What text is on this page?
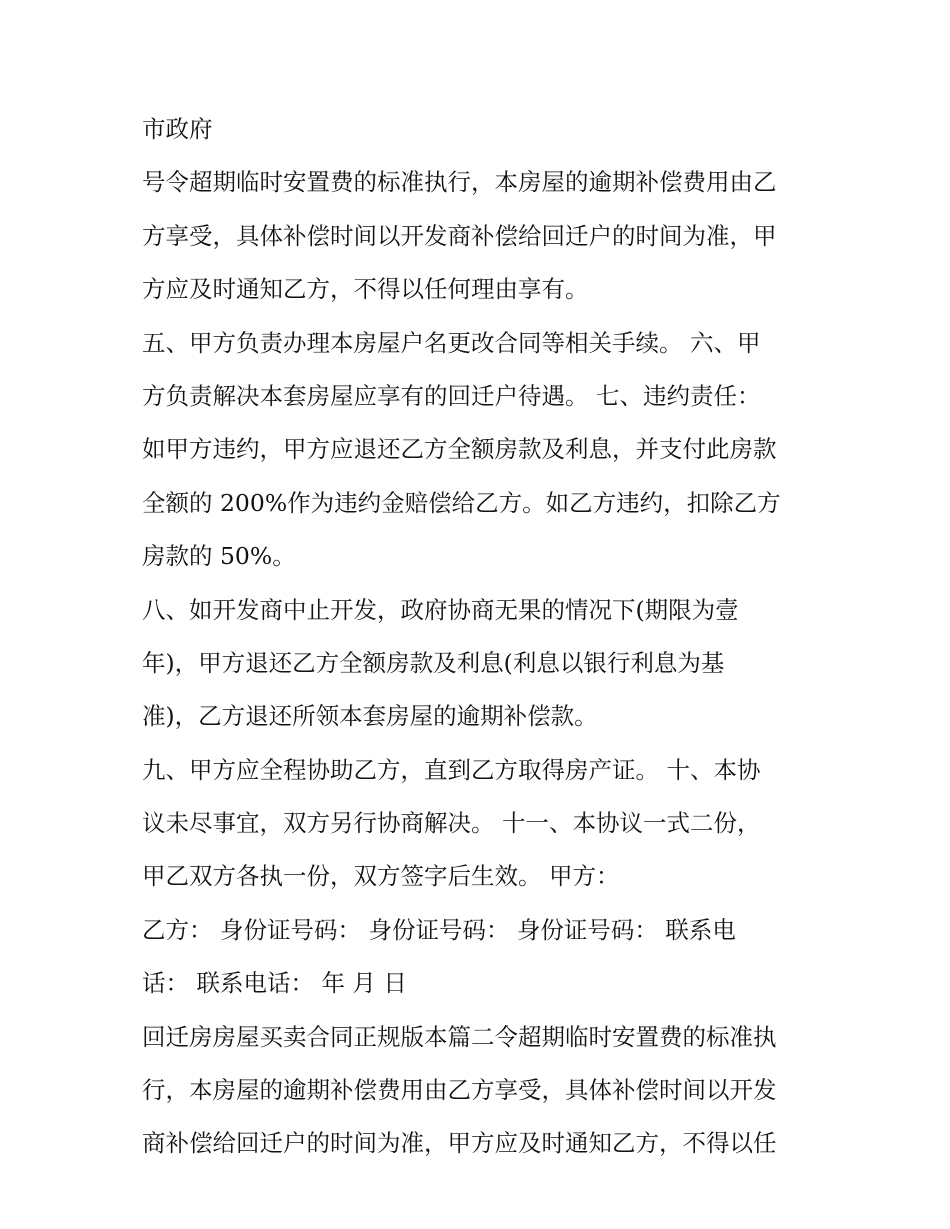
市政府
号令超期临时安置费的标准执行，本房屋的逾期补偿费用由乙
方享受，具体补偿时间以开发商补偿给回迁户的时间为准，甲
方应及时通知乙方，不得以任何理由享有。
五、甲方负责办理本房屋户名更改合同等相关手续。 六、甲
方负责解决本套房屋应享有的回迁户待遇。 七、违约责任：
如甲方违约，甲方应退还乙方全额房款及利息，并支付此房款
全额的 200%作为违约金赔偿给乙方。如乙方违约，扣除乙方
房款的 50%。
八、如开发商中止开发，政府协商无果的情况下(期限为壹
年)，甲方退还乙方全额房款及利息(利息以银行利息为基
准)，乙方退还所领本套房屋的逾期补偿款。
九、甲方应全程协助乙方，直到乙方取得房产证。 十、本协
议未尽事宜，双方另行协商解决。 十一、本协议一式二份，
甲乙双方各执一份，双方签字后生效。 甲方：
乙方： 身份证号码： 身份证号码： 身份证号码： 联系电
话： 联系电话： 年 月 日
回迁房房屋买卖合同正规版本篇二令超期临时安置费的标准执
行，本房屋的逾期补偿费用由乙方享受，具体补偿时间以开发
商补偿给回迁户的时间为准，甲方应及时通知乙方，不得以任
